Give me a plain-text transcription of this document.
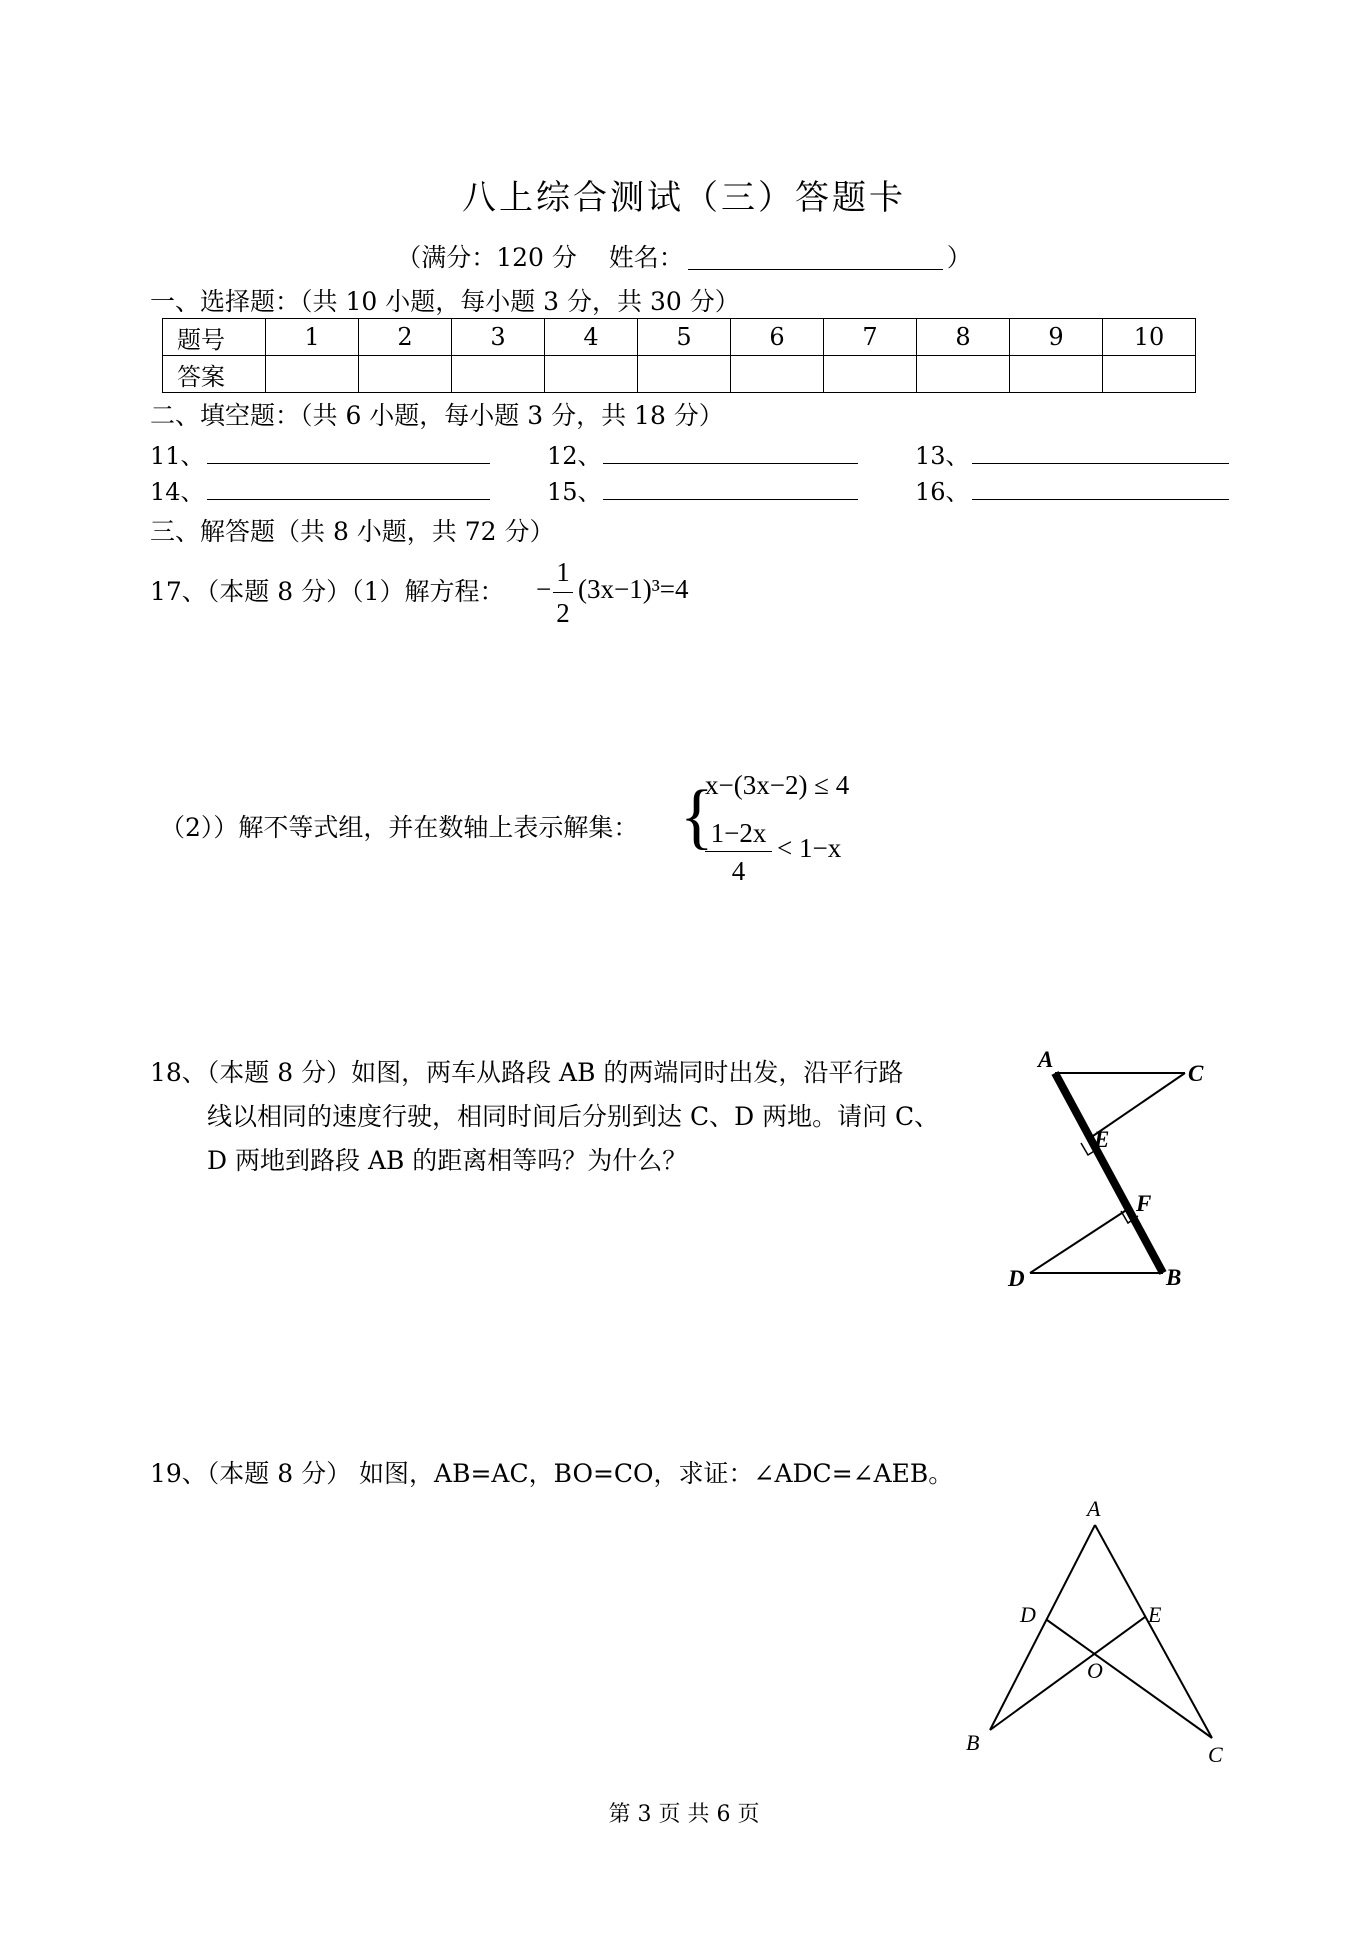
八上综合测试（三）答题卡
（满分：120 分 姓名：	）
一、选择题：（共 10 小题，每小题 3 分，共 30 分）
题号	1	2	3	4	5	6	7	8	9	10
答案										
二、填空题：（共 6 小题，每小题 3 分，共 18 分）
11、	12、	13、
14、	15、	16、
三、解答题（共 8 小题，共 72 分）
17、（本题 8 分）（1）解方程： −
1
2
(3x−1)³=4
（2））解不等式组，并在数轴上表示解集： {
x−(3x−2) ≤ 4
1−2x
4
< 1−x
18、（本题 8 分）如图，两车从路段 AB 的两端同时出发，沿平行路
线以相同的速度行驶，相同时间后分别到达 C、D 两地。请问 C、
D 两地到路段 AB 的距离相等吗？为什么？
A
C
E
F
D	B
19、（本题 8 分） 如图，AB=AC，BO=CO，求证：∠ADC=∠AEB。
A
D	E
O
B	C
第 3 页 共 6 页
